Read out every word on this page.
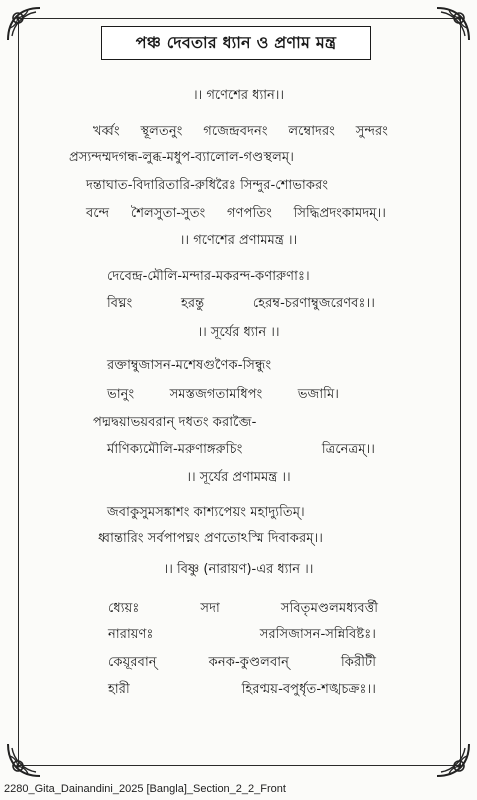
পঞ্চ দেবতার ধ্যান ও প্রণাম মন্ত্র
।। গণেশের ধ্যান।।
খর্ব্বং স্থূলতনুং গজেন্দ্রবদনং লম্বোদরং সুন্দরং
প্রস্যন্দম্মদগন্ধ-লুব্ধ-মধুপ-ব্যালোল-গণ্ডস্থলম্।
দন্তাঘাত-বিদারিতারি-রুধিরৈঃ সিন্দুর-শোভাকরং
বন্দে শৈলসুতা-সুতং গণপতিং সিদ্ধিপ্রদংকামদম্।।
।। গণেশের প্রণামমন্ত্র ।।
দেবেন্দ্র-মৌলি-মন্দার-মকরন্দ-কণারুণাঃ।
বিঘ্নং	হরন্তু	হেরম্ব-চরণাম্বুজরেণবঃ।।
।। সূর্যের ধ্যান ।।
রক্তাম্বুজাসন-মশেষগুণৈক-সিন্ধুং
ভানুং	সমস্তজগতামধিপং	ভজামি।
পদ্মদ্বয়াভয়বরান্ দধতং করাব্জৈ-
র্মাণিক্যমৌলি-মরুণাঙ্গরুচিং	ত্রিনেত্রম্।।
।। সূর্যের প্রণামমন্ত্র ।।
জবাকুসুমসঙ্কাশং কাশ্যপেয়ং মহাদ্যুতিম্।
ধ্বান্তারিং সর্বপাপঘ্নং প্রণতোঽস্মি দিবাকরম্।।
।। বিষ্ণু (নারায়ণ)-এর ধ্যান ।।
ধ্যেয়ঃ	সদা	সবিতৃমণ্ডলমধ্যবর্ত্তী
নারায়ণঃ	সরসিজাসন-সন্নিবিষ্টঃ।
কেয়ূরবান্	কনক-কুণ্ডলবান্	কিরীটী
হারী	হিরণ্ময়-বপুর্ধৃত-শঙ্খচক্রঃ।।
2280_Gita_Dainandini_2025 [Bangla]_Section_2_2_Front
